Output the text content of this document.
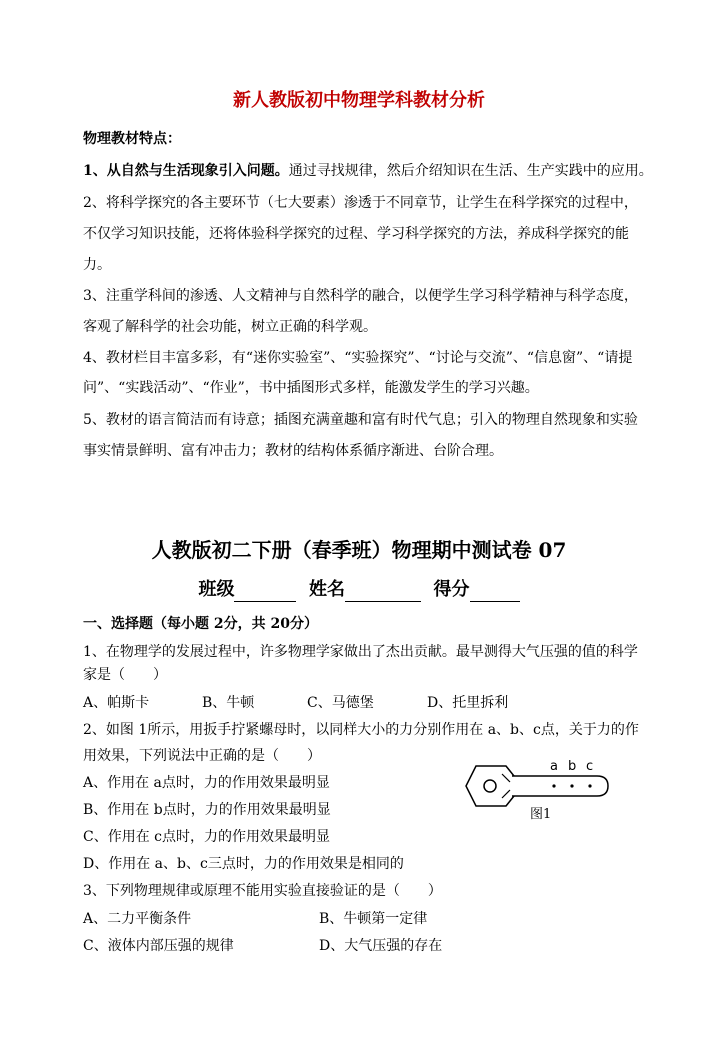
新人教版初中物理学科教材分析
物理教材特点：
1、从自然与生活现象引入问题。通过寻找规律，然后介绍知识在生活、生产实践中的应用。
2、将科学探究的各主要环节（七大要素）渗透于不同章节，让学生在科学探究的过程中，
不仅学习知识技能，还将体验科学探究的过程、学习科学探究的方法，养成科学探究的能
力。
3、注重学科间的渗透、人文精神与自然科学的融合，以便学生学习科学精神与科学态度，
客观了解科学的社会功能，树立正确的科学观。
4、教材栏目丰富多彩，有“迷你实验室”、“实验探究”、“讨论与交流”、“信息窗”、“请提
问”、“实践活动”、“作业”，书中插图形式多样，能激发学生的学习兴趣。
5、教材的语言简洁而有诗意；插图充满童趣和富有时代气息；引入的物理自然现象和实验
事实情景鲜明、富有冲击力；教材的结构体系循序渐进、台阶合理。
人教版初二下册（春季班）物理期中测试卷 07
班级	姓名	得分
一、选择题（每小题 2分，共 20分）
1、在物理学的发展过程中，许多物理学家做出了杰出贡献。最早测得大气压强的值的科学
家是（　　）
A、帕斯卡	B、牛顿	C、马德堡	D、托里拆利
2、如图 1所示，用扳手拧紧螺母时，以同样大小的力分别作用在 a、b、c点，关于力的作
用效果，下列说法中正确的是（　　）
A、作用在 a点时，力的作用效果最明显
B、作用在 b点时，力的作用效果最明显
C、作用在 c点时，力的作用效果最明显
D、作用在 a、b、c三点时，力的作用效果是相同的
a b c
图1
3、下列物理规律或原理不能用实验直接验证的是（　　）
A、二力平衡条件	B、牛顿第一定律
C、液体内部压强的规律	D、大气压强的存在
